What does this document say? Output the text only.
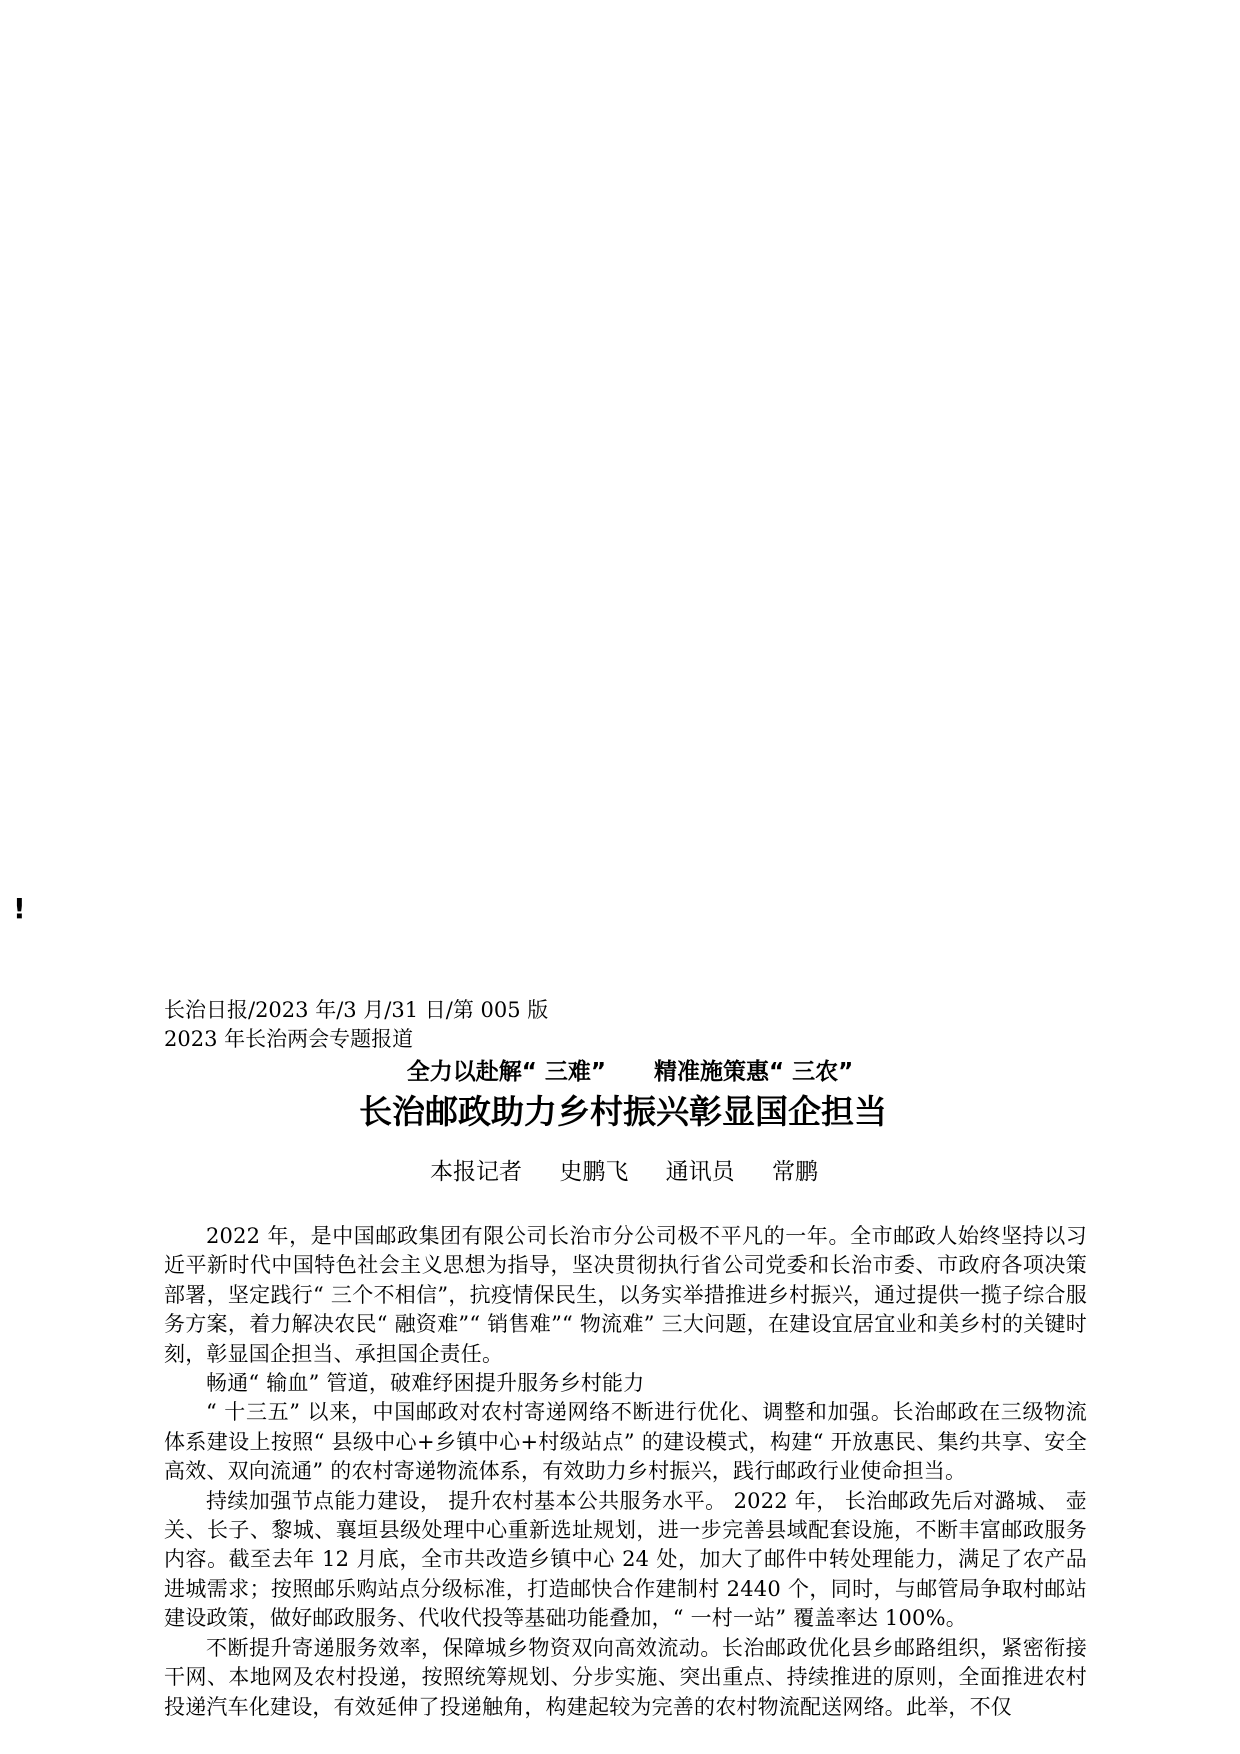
!
长治日报/2023 年/3 月/31 日/第 005 版 2023 年长治两会专题报道
全力以赴解“ 三难”      精准施策惠“ 三农”
长治邮政助力乡村振兴彰显国企担当
本报记者 史鹏飞 通讯员 常鹏

2022 年，是中国邮政集团有限公司长治市分公司极不平凡的一年。全市邮政人始终坚持以习近平新时代中国特色社会主义思想为指导，坚决贯彻执行省公司党委和长治市委、市政府各项决策部署，坚定践行“ 三个不相信”，抗疫情保民生，以务实举措推进乡村振兴，通过提供一揽子综合服务方案，着力解决农民“ 融资难”“ 销售难”“ 物流难” 三大问题，在建设宜居宜业和美乡村的关键时刻，彰显国企担当、承担国企责任。

畅通“ 输血” 管道，破难纾困提升服务乡村能力

“ 十三五” 以来，中国邮政对农村寄递网络不断进行优化、调整和加强。长治邮政在三级物流体系建设上按照“ 县级中心+乡镇中心+村级站点” 的建设模式，构建“ 开放惠民、集约共享、安全高效、双向流通” 的农村寄递物流体系，有效助力乡村振兴，践行邮政行业使命担当。

持续加强节点能力建设， 提升农村基本公共服务水平。 2022 年， 长治邮政先后对潞城、 壶关、长子、黎城、襄垣县级处理中心重新选址规划，进一步完善县域配套设施，不断丰富邮政服务内容。截至去年 12 月底，全市共改造乡镇中心 24 处，加大了邮件中转处理能力，满足了农产品进城需求；按照邮乐购站点分级标准，打造邮快合作建制村 2440 个，同时，与邮管局争取村邮站建设政策，做好邮政服务、代收代投等基础功能叠加，“ 一村一站” 覆盖率达 100%。

不断提升寄递服务效率，保障城乡物资双向高效流动。长治邮政优化县乡邮路组织，紧密衔接干网、本地网及农村投递，按照统筹规划、分步实施、突出重点、持续推进的原则，全面推进农村投递汽车化建设，有效延伸了投递触角，构建起较为完善的农村物流配送网络。此举，不仅
